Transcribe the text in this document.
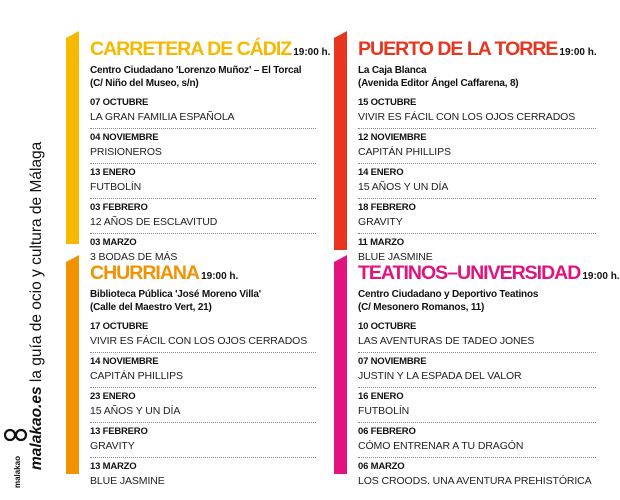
malakao.es la guía de ocio y cultura de Málaga
malakao
CARRETERA DE CÁDIZ 19:00 h.
Centro Ciudadano 'Lorenzo Muñoz' – El Torcal
(C/ Niño del Museo, s/n)
07 OCTUBRE
LA GRAN FAMILIA ESPAÑOLA
04 NOVIEMBRE
PRISIONEROS
13 ENERO
FUTBOLÍN
03 FEBRERO
12 AÑOS DE ESCLAVITUD
03 MARZO
3 BODAS DE MÁS
PUERTO DE LA TORRE 19:00 h.
La Caja Blanca
(Avenida Editor Ángel Caffarena, 8)
15 OCTUBRE
VIVIR ES FÁCIL CON LOS OJOS CERRADOS
12 NOVIEMBRE
CAPITÁN PHILLIPS
14 ENERO
15 AÑOS Y UN DÍA
18 FEBRERO
GRAVITY
11 MARZO
BLUE JASMINE
CHURRIANA 19:00 h.
Biblioteca Pública 'José Moreno Villa'
(Calle del Maestro Vert, 21)
17 OCTUBRE
VIVIR ES FÁCIL CON LOS OJOS CERRADOS
14 NOVIEMBRE
CAPITÁN PHILLIPS
23 ENERO
15 AÑOS Y UN DÍA
13 FEBRERO
GRAVITY
13 MARZO
BLUE JASMINE
TEATINOS–UNIVERSIDAD 19:00 h.
Centro Ciudadano y Deportivo Teatinos
(C/ Mesonero Romanos, 11)
10 OCTUBRE
LAS AVENTURAS DE TADEO JONES
07 NOVIEMBRE
JUSTIN Y LA ESPADA DEL VALOR
16 ENERO
FUTBOLÍN
06 FEBRERO
CÓMO ENTRENAR A TU DRAGÓN
06 MARZO
LOS CROODS. UNA AVENTURA PREHISTÓRICA
